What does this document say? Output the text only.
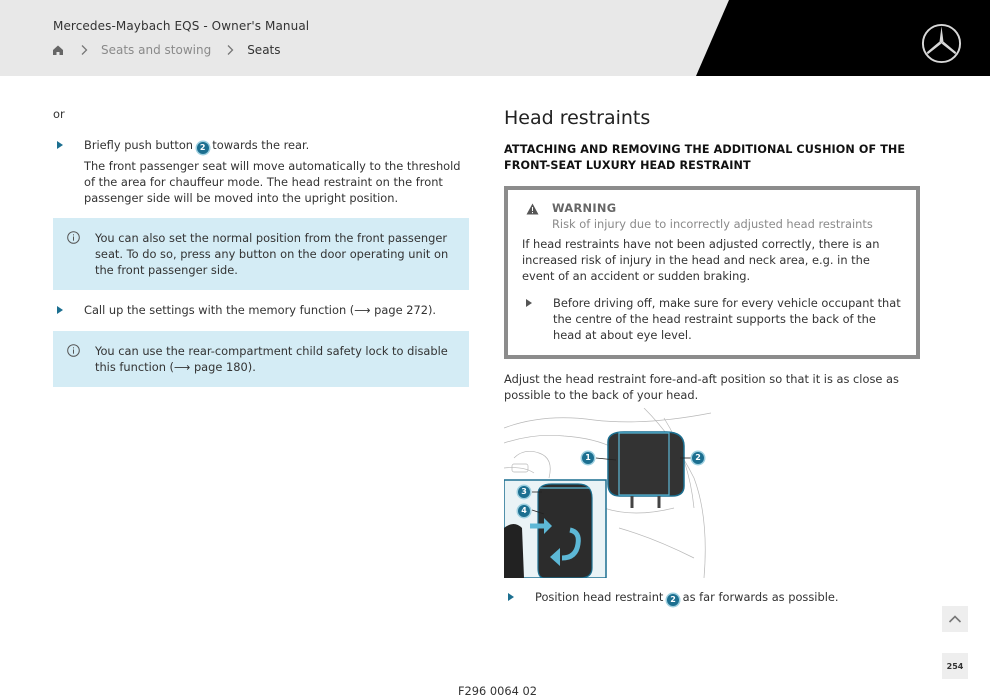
Mercedes-Maybach EQS - Owner's Manual
Seats and stowing	Seats
or
Briefly push button 2 towards the rear.
The front passenger seat will move automatically to the threshold of the area for chauffeur mode. The head restraint on the front passenger side will be moved into the upright position.
You can also set the normal position from the front passenger seat. To do so, press any button on the door operating unit on the front passenger side.
Call up the settings with the memory function (⟶ page 272).
You can use the rear-compartment child safety lock to disable this function (⟶ page 180).
Head restraints
ATTACHING AND REMOVING THE ADDITIONAL CUSHION OF THE FRONT-SEAT LUXURY HEAD RESTRAINT
WARNING
Risk of injury due to incorrectly adjusted head restraints
If head restraints have not been adjusted correctly, there is an increased risk of injury in the head and neck area, e.g. in the event of an accident or sudden braking.
Before driving off, make sure for every vehicle occupant that the centre of the head restraint supports the back of the head at about eye level.
Adjust the head restraint fore-and-aft position so that it is as close as possible to the back of your head.
1	2
3
4
Position head restraint 2 as far forwards as possible.
254
F296 0064 02
